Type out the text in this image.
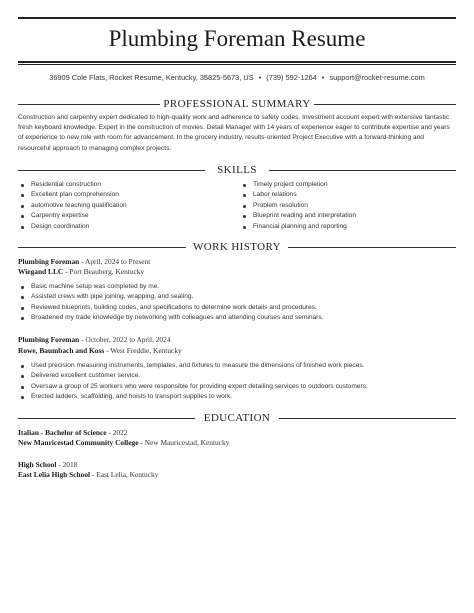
Plumbing Foreman Resume
36909 Cole Flats, Rocket Resume, Kentucky, 35825-5673, US • (739) 592-1264 • support@rocket-resume.com
PROFESSIONAL SUMMARY
Construction and carpentry expert dedicated to high-quality work and adherence to safety codes. Investment account expert with extensive fantastic fresh keyboard knowledge. Expert in the construction of movies. Detail Manager with 14 years of experience eager to contribute expertise and years of experience to new role with room for advancement. In the grocery industry, results-oriented Project Executive with a forward-thinking and resourceful approach to managing complex projects.
SKILLS
Residential construction
Excellent plan comprehension
automotive teaching qualification
Carpentry expertise
Design coordination
Timely project completion
Labor relations
Problem resolution
Blueprint reading and interpretation
Financial planning and reporting
WORK HISTORY
Plumbing Foreman - April, 2024 to Present
Wiegand LLC - Port Beauberg, Kentucky
Basic machine setup was completed by me.
Assisted crews with pipe joining, wrapping, and sealing.
Reviewed blueprints, building codes, and specifications to determine work details and procedures.
Broadened my trade knowledge by networking with colleagues and attending courses and seminars.
Plumbing Foreman - October, 2022 to April, 2024
Rowe, Baumbach and Koss - West Freddie, Kentucky
Used precision measuring instruments, templates, and fixtures to measure the dimensions of finished work pieces.
Delivered excellent customer service.
Oversaw a group of 25 workers who were responsible for providing expert detailing services to outdoors customers.
Erected ladders, scaffolding, and hoists to transport supplies to work.
EDUCATION
Italian - Bachelor of Science - 2022
New Mauricestad Community College - New Mauricestad, Kentucky
High School - 2018
East Lelia High School - East Lelia, Kentucky
